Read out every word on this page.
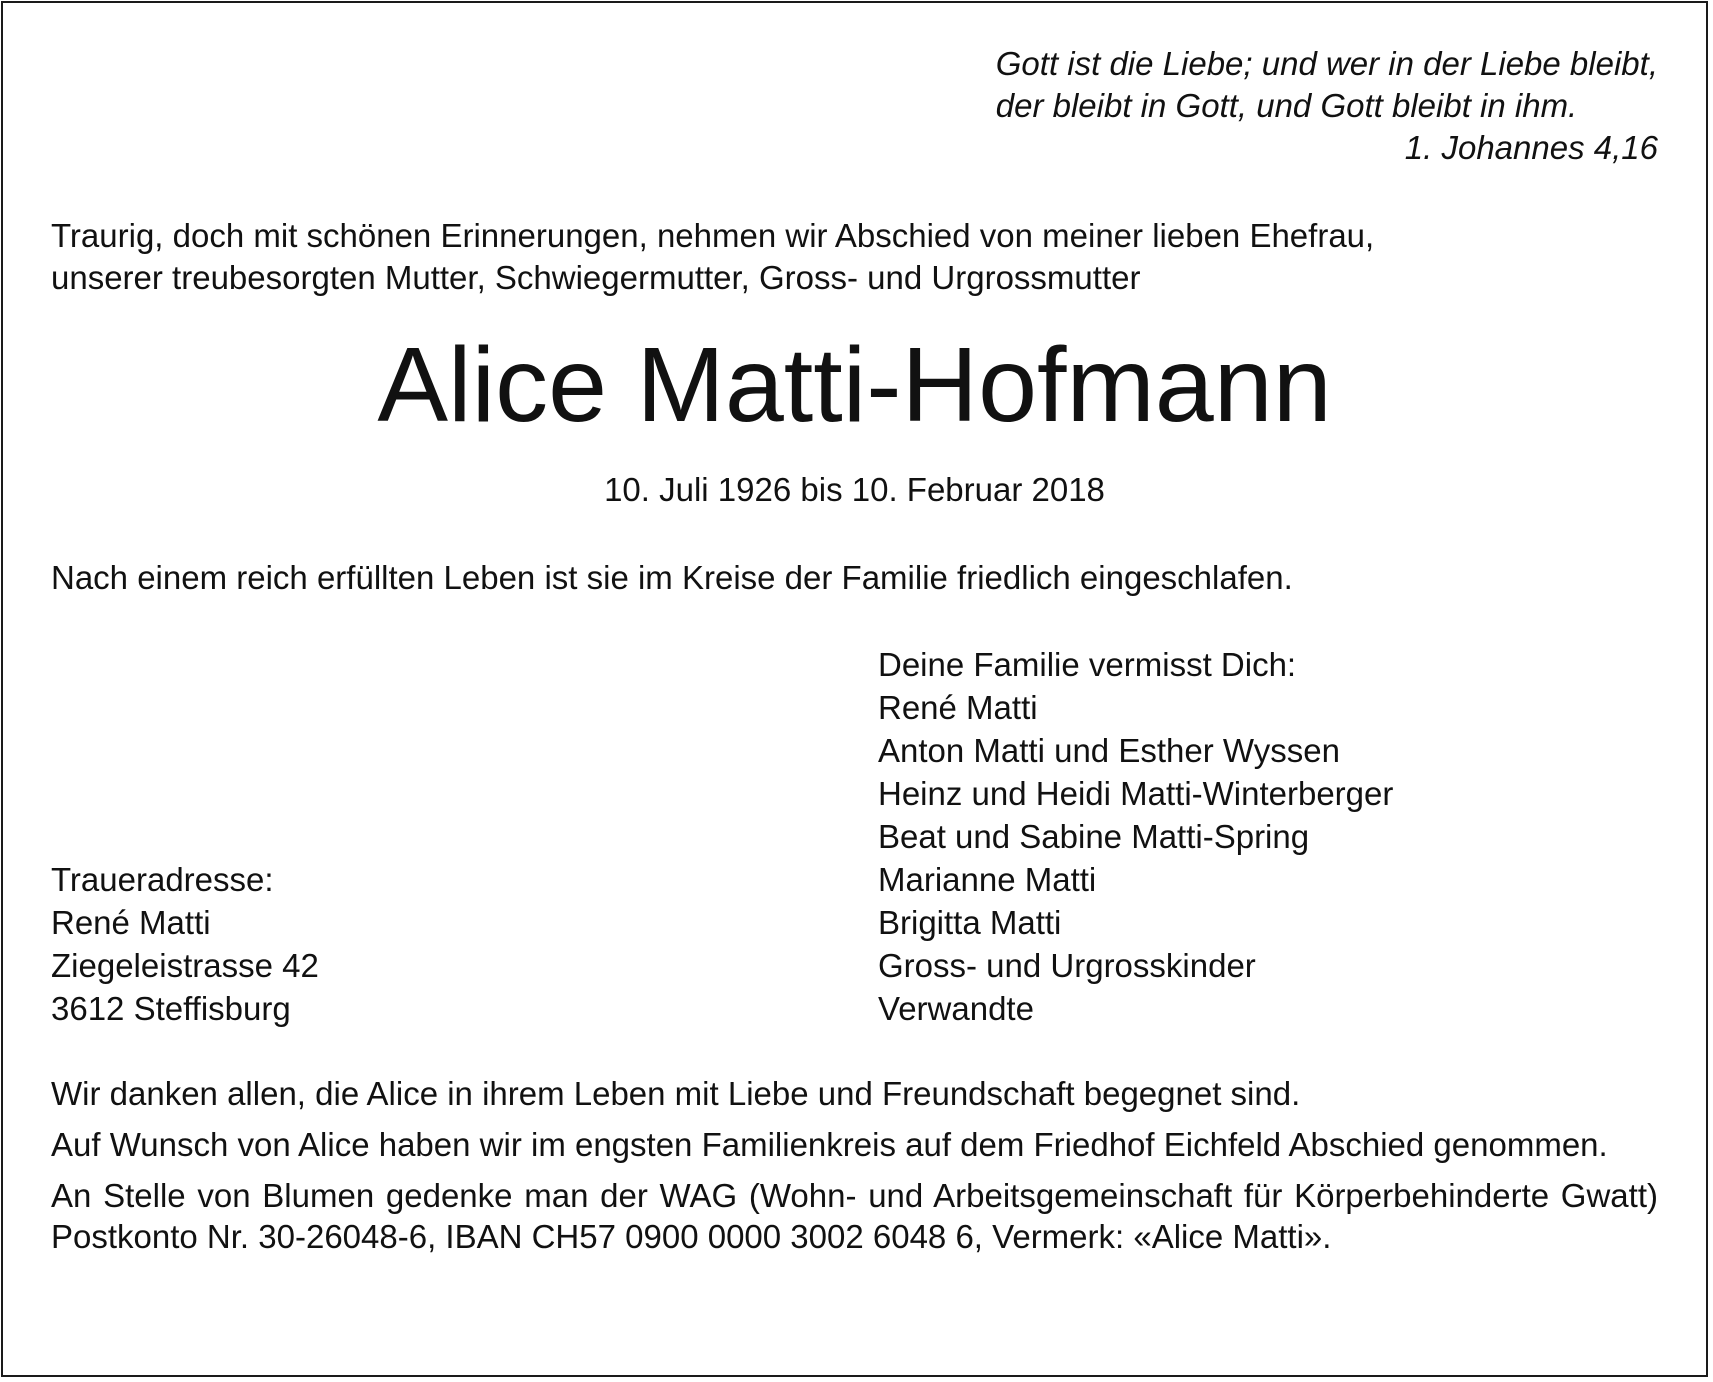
Gott ist die Liebe; und wer in der Liebe bleibt,
der bleibt in Gott, und Gott bleibt in ihm.
1. Johannes 4,16
Traurig, doch mit schönen Erinnerungen, nehmen wir Abschied von meiner lieben Ehefrau,
unserer treubesorgten Mutter, Schwiegermutter, Gross- und Urgrossmutter
Alice Matti-Hofmann
10. Juli 1926 bis 10. Februar 2018
Nach einem reich erfüllten Leben ist sie im Kreise der Familie friedlich eingeschlafen.
Deine Familie vermisst Dich:
René Matti
Anton Matti und Esther Wyssen
Heinz und Heidi Matti-Winterberger
Beat und Sabine Matti-Spring
Marianne Matti
Brigitta Matti
Gross- und Urgrosskinder
Verwandte
Traueradresse:
René Matti
Ziegeleistrasse 42
3612 Steffisburg

Wir danken allen, die Alice in ihrem Leben mit Liebe und Freundschaft begegnet sind.

Auf Wunsch von Alice haben wir im engsten Familienkreis auf dem Friedhof Eichfeld Abschied genommen.

An Stelle von Blumen gedenke man der WAG (Wohn- und Arbeitsgemeinschaft für Körperbehinderte Gwatt) Postkonto Nr. 30-26048-6, IBAN CH57 0900 0000 3002 6048 6, Vermerk: «Alice Matti».
